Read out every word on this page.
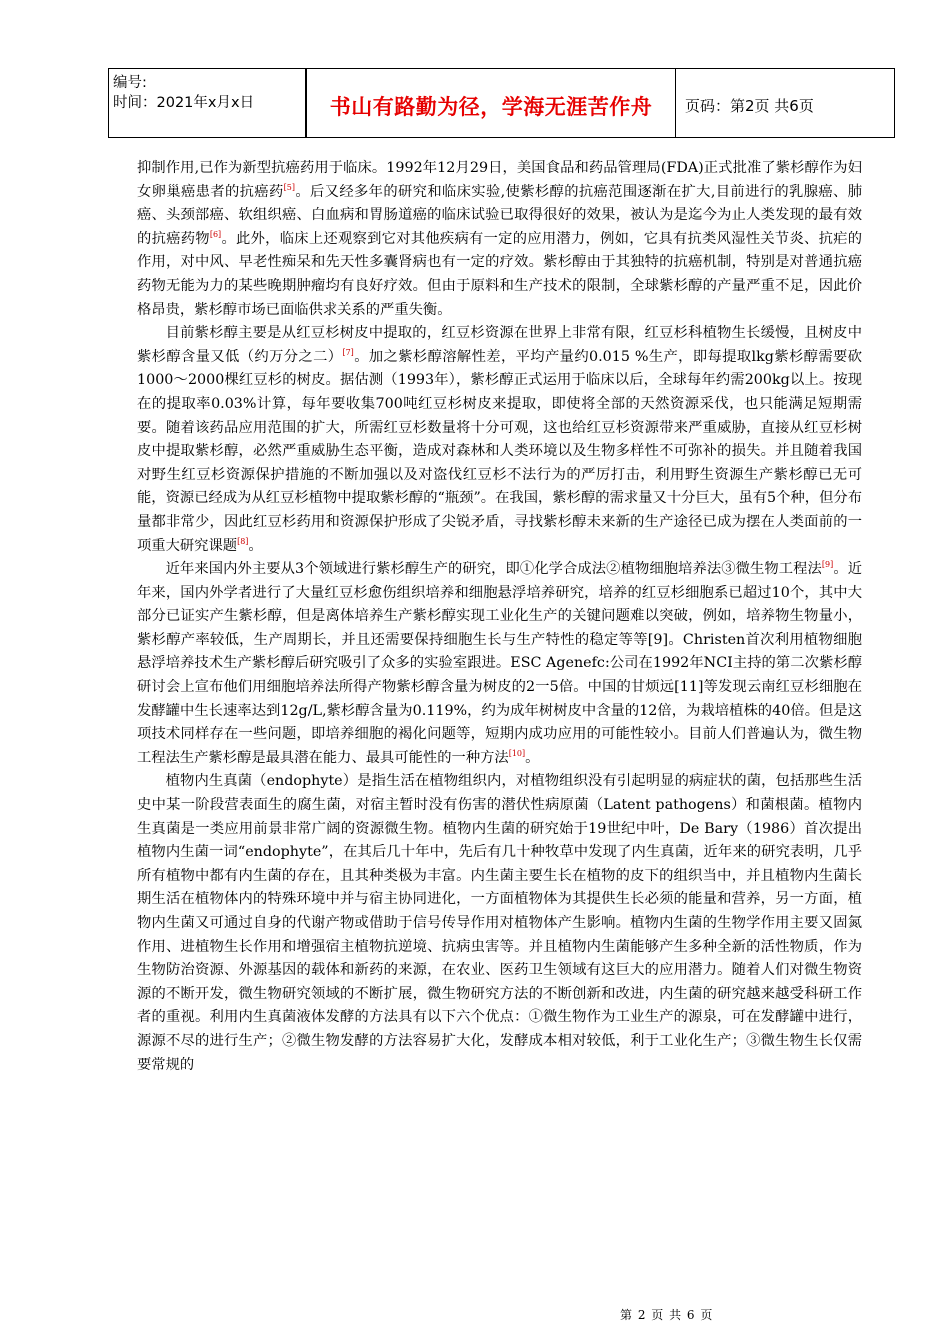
编号:
时间：2021年x月x日	书山有路勤为径，学海无涯苦作舟	页码：第2页 共6页

抑制作用,已作为新型抗癌药用于临床。1992年12月29日，美国食品和药品管理局(FDA)正式批准了紫杉醇作为妇女卵巢癌患者的抗癌药[5]。后又经多年的研究和临床实验,使紫杉醇的抗癌范围逐渐在扩大,目前进行的乳腺癌、肺癌、头颈部癌、软组织癌、白血病和胃肠道癌的临床试验已取得很好的效果，被认为是迄今为止人类发现的最有效的抗癌药物[6]。此外，临床上还观察到它对其他疾病有一定的应用潜力，例如，它具有抗类风湿性关节炎、抗疟的作用，对中风、早老性痴呆和先天性多囊肾病也有一定的疗效。紫杉醇由于其独特的抗癌机制，特别是对普通抗癌药物无能为力的某些晚期肿瘤均有良好疗效。但由于原料和生产技术的限制，全球紫杉醇的产量严重不足，因此价格昂贵，紫杉醇市场已面临供求关系的严重失衡。

目前紫杉醇主要是从红豆杉树皮中提取的，红豆杉资源在世界上非常有限，红豆杉科植物生长缓慢，且树皮中紫杉醇含量又低（约万分之二）[7]。加之紫杉醇溶解性差，平均产量约0.015 %生产，即每提取lkg紫杉醇需要砍1000～2000棵红豆杉的树皮。据估测（1993年），紫杉醇正式运用于临床以后，全球每年约需200kg以上。按现在的提取率0.03%计算，每年要收集700吨红豆杉树皮来提取，即使将全部的天然资源采伐，也只能满足短期需要。随着该药品应用范围的扩大，所需红豆杉数量将十分可观，这也给红豆杉资源带来严重威胁，直接从红豆杉树皮中提取紫杉醇，必然严重威胁生态平衡，造成对森林和人类环境以及生物多样性不可弥补的损失。并且随着我国对野生红豆杉资源保护措施的不断加强以及对盗伐红豆杉不法行为的严厉打击，利用野生资源生产紫杉醇已无可能，资源已经成为从红豆杉植物中提取紫杉醇的“瓶颈”。在我国，紫杉醇的需求量又十分巨大，虽有5个种，但分布量都非常少，因此红豆杉药用和资源保护形成了尖锐矛盾，寻找紫杉醇未来新的生产途径已成为摆在人类面前的一项重大研究课题[8]。

近年来国内外主要从3个领域进行紫杉醇生产的研究，即①化学合成法②植物细胞培养法③微生物工程法[9]。近年来，国内外学者进行了大量红豆杉愈伤组织培养和细胞悬浮培养研究，培养的红豆杉细胞系已超过10个，其中大部分已证实产生紫杉醇，但是离体培养生产紫杉醇实现工业化生产的关键问题难以突破，例如，培养物生物量小，紫杉醇产率较低，生产周期长，并且还需要保持细胞生长与生产特性的稳定等等[9]。Christen首次利用植物细胞悬浮培养技术生产紫杉醇后研究吸引了众多的实验室跟进。ESC Agenefc:公司在1992年NCI主持的第二次紫杉醇研讨会上宣布他们用细胞培养法所得产物紫杉醇含量为树皮的2一5倍。中国的甘烦远[11]等发现云南红豆杉细胞在发酵罐中生长速率达到12g/L,紫杉醇含量为0.119%，约为成年树树皮中含量的12倍，为栽培植株的40倍。但是这项技术同样存在一些问题，即培养细胞的褐化问题等，短期内成功应用的可能性较小。目前人们普遍认为，微生物工程法生产紫杉醇是最具潜在能力、最具可能性的一种方法[10]。

植物内生真菌（endophyte）是指生活在植物组织内，对植物组织没有引起明显的病症状的菌，包括那些生活史中某一阶段营表面生的腐生菌，对宿主暂时没有伤害的潜伏性病原菌（Latent pathogens）和菌根菌。植物内生真菌是一类应用前景非常广阔的资源微生物。植物内生菌的研究始于19世纪中叶，De Bary（1986）首次提出植物内生菌一词“endophyte”，在其后几十年中，先后有几十种牧草中发现了内生真菌，近年来的研究表明，几乎所有植物中都有内生菌的存在，且其种类极为丰富。内生菌主要生长在植物的皮下的组织当中，并且植物内生菌长期生活在植物体内的特殊环境中并与宿主协同进化，一方面植物体为其提供生长必须的能量和营养，另一方面，植物内生菌又可通过自身的代谢产物或借助于信号传导作用对植物体产生影响。植物内生菌的生物学作用主要又固氮作用、进植物生长作用和增强宿主植物抗逆境、抗病虫害等。并且植物内生菌能够产生多种全新的活性物质，作为生物防治资源、外源基因的载体和新药的来源，在农业、医药卫生领域有这巨大的应用潜力。随着人们对微生物资源的不断开发，微生物研究领域的不断扩展，微生物研究方法的不断创新和改进，内生菌的研究越来越受科研工作者的重视。利用内生真菌液体发酵的方法具有以下六个优点：①微生物作为工业生产的源泉，可在发酵罐中进行，源源不尽的进行生产；②微生物发酵的方法容易扩大化，发酵成本相对较低，利于工业化生产；③微生物生长仅需要常规的

第 2 页 共 6 页
